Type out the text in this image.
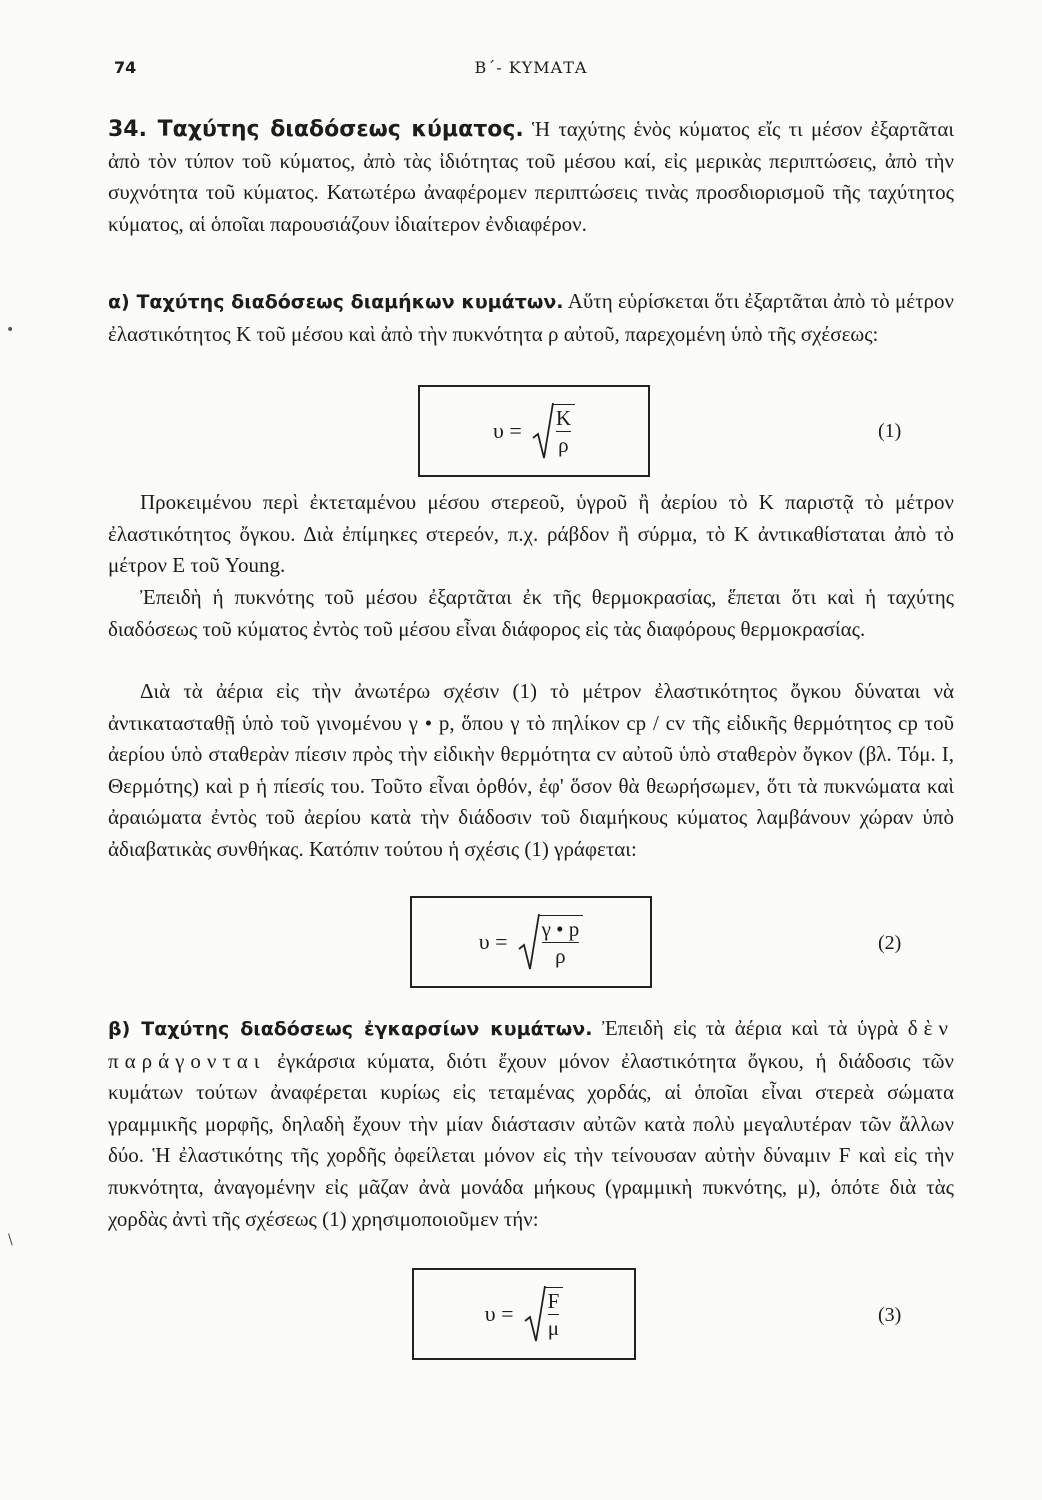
74	Β΄- ΚΥΜΑΤΑ

34. Ταχύτης διαδόσεως κύματος. Ἡ ταχύτης ἑνὸς κύματος εἴς τι μέσον ἐξαρτᾶται ἀπὸ τὸν τύπον τοῦ κύματος, ἀπὸ τὰς ἰδιότητας τοῦ μέσου καί, εἰς μερικὰς περιπτώσεις, ἀπὸ τὴν συχνότητα τοῦ κύματος. Κατωτέρω ἀναφέρομεν περιπτώσεις τινὰς προσδιορισμοῦ τῆς ταχύτητος κύματος, αἱ ὁποῖαι παρουσιάζουν ἰδιαίτερον ἐνδιαφέρον.

α) Ταχύτης διαδόσεως διαμήκων κυμάτων. Αὕτη εὑρίσκεται ὅτι ἐξαρτᾶται ἀπὸ τὸ μέτρον ἐλαστικότητος Κ τοῦ μέσου καὶ ἀπὸ τὴν πυκνότητα ρ αὐτοῦ, παρεχομένη ὑπὸ τῆς σχέσεως:

$\upsilon = \frac{K}{\rho}$	(1)

Προκειμένου περὶ ἐκτεταμένου μέσου στερεοῦ, ὑγροῦ ἢ ἀερίου τὸ Κ παριστᾷ τὸ μέτρον ἐλαστικότητος ὄγκου. Διὰ ἐπίμηκες στερεόν, π.χ. ράβδον ἢ σύρμα, τὸ Κ ἀντικαθίσταται ἀπὸ τὸ μέτρον Ε τοῦ Young.

Ἐπειδὴ ἡ πυκνότης τοῦ μέσου ἐξαρτᾶται ἐκ τῆς θερμοκρασίας, ἕπεται ὅτι καὶ ἡ ταχύτης διαδόσεως τοῦ κύματος ἐντὸς τοῦ μέσου εἶναι διάφορος εἰς τὰς διαφόρους θερμοκρασίας.

Διὰ τὰ ἀέρια εἰς τὴν ἀνωτέρω σχέσιν (1) τὸ μέτρον ἐλαστικότητος ὄγκου δύναται νὰ ἀντικατασταθῇ ὑπὸ τοῦ γινομένου γ • p, ὅπου γ τὸ πηλίκον cp / cv τῆς εἰδικῆς θερμότητος cp τοῦ ἀερίου ὑπὸ σταθερὰν πίεσιν πρὸς τὴν εἰδικὴν θερμότητα cv αὐτοῦ ὑπὸ σταθερὸν ὄγκον (βλ. Τόμ. Ι, Θερμότης) καὶ p ἡ πίεσίς του. Τοῦτο εἶναι ὀρθόν, ἐφ' ὅσον θὰ θεωρήσωμεν, ὅτι τὰ πυκνώματα καὶ ἀραιώματα ἐντὸς τοῦ ἀερίου κατὰ τὴν διάδοσιν τοῦ διαμήκους κύματος λαμβάνουν χώραν ὑπὸ ἀδιαβατικὰς συνθήκας. Κατόπιν τούτου ἡ σχέσις (1) γράφεται:

$\upsilon = \frac{\gamma • p}{\rho}$	(2)

β) Ταχύτης διαδόσεως ἐγκαρσίων κυμάτων. Ἐπειδὴ εἰς τὰ ἀέρια καὶ τὰ ὑγρὰ δὲν παράγονται ἐγκάρσια κύματα, διότι ἔχουν μόνον ἐλαστικότητα ὄγκου, ἡ διάδοσις τῶν κυμάτων τούτων ἀναφέρεται κυρίως εἰς τεταμένας χορδάς, αἱ ὁποῖαι εἶναι στερεὰ σώματα γραμμικῆς μορφῆς, δηλαδὴ ἔχουν τὴν μίαν διάστασιν αὐτῶν κατὰ πολὺ μεγαλυτέραν τῶν ἄλλων δύο. Ἡ ἐλαστικότης τῆς χορδῆς ὀφείλεται μόνον εἰς τὴν τείνουσαν αὐτὴν δύναμιν F καὶ εἰς τὴν πυκνότητα, ἀναγομένην εἰς μᾶζαν ἀνὰ μονάδα μήκους (γραμμικὴ πυκνότης, μ), ὁπότε διὰ τὰς χορδὰς ἀντὶ τῆς σχέσεως (1) χρησιμοποιοῦμεν τήν:

$\upsilon = \frac{F}{\mu}$	(3)
•
\
